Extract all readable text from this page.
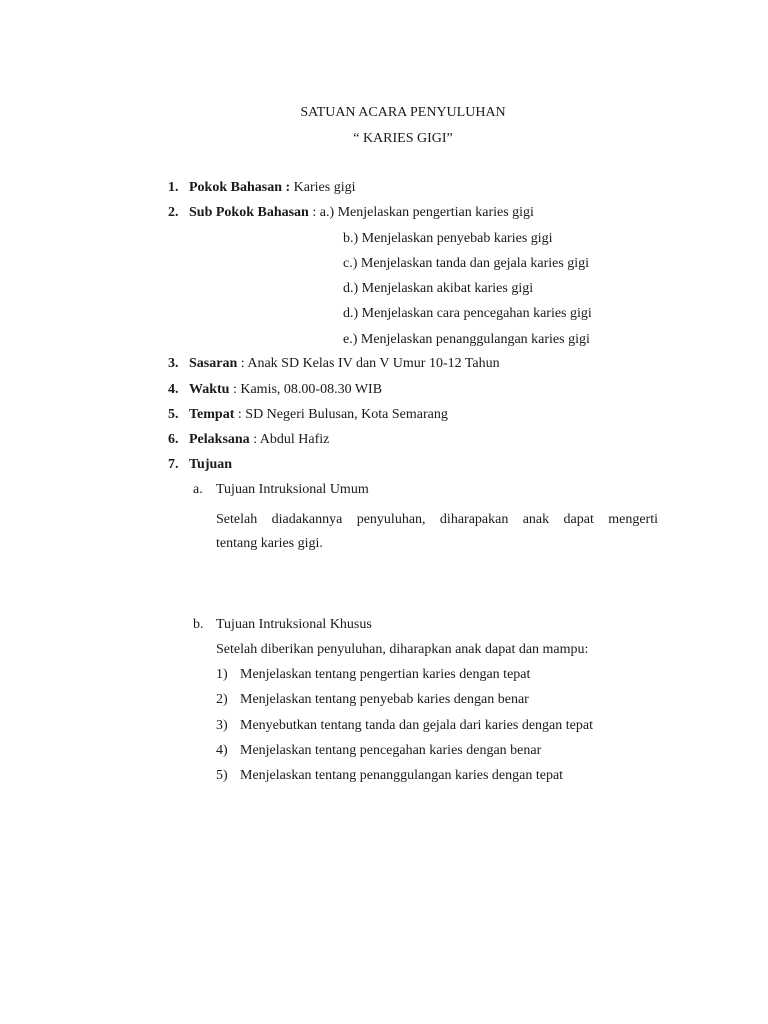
SATUAN ACARA PENYULUHAN
“ KARIES GIGI”
1. Pokok Bahasan : Karies gigi
2. Sub Pokok Bahasan : a.) Menjelaskan pengertian karies gigi
b.) Menjelaskan penyebab karies gigi
c.) Menjelaskan tanda dan gejala karies gigi
d.) Menjelaskan akibat karies gigi
d.) Menjelaskan cara pencegahan karies gigi
e.) Menjelaskan penanggulangan karies gigi
3. Sasaran : Anak SD Kelas IV dan V Umur 10-12 Tahun
4. Waktu : Kamis, 08.00-08.30 WIB
5. Tempat : SD Negeri Bulusan, Kota Semarang
6. Pelaksana : Abdul Hafiz
7. Tujuan
a. Tujuan Intruksional Umum
Setelah diadakannya penyuluhan, diharapakan anak dapat mengerti
tentang karies gigi.
b. Tujuan Intruksional Khusus
Setelah diberikan penyuluhan, diharapkan anak dapat dan mampu:
1) Menjelaskan tentang pengertian karies dengan tepat
2) Menjelaskan tentang penyebab karies dengan benar
3) Menyebutkan tentang tanda dan gejala dari karies dengan tepat
4) Menjelaskan tentang pencegahan karies dengan benar
5) Menjelaskan tentang penanggulangan karies dengan tepat
